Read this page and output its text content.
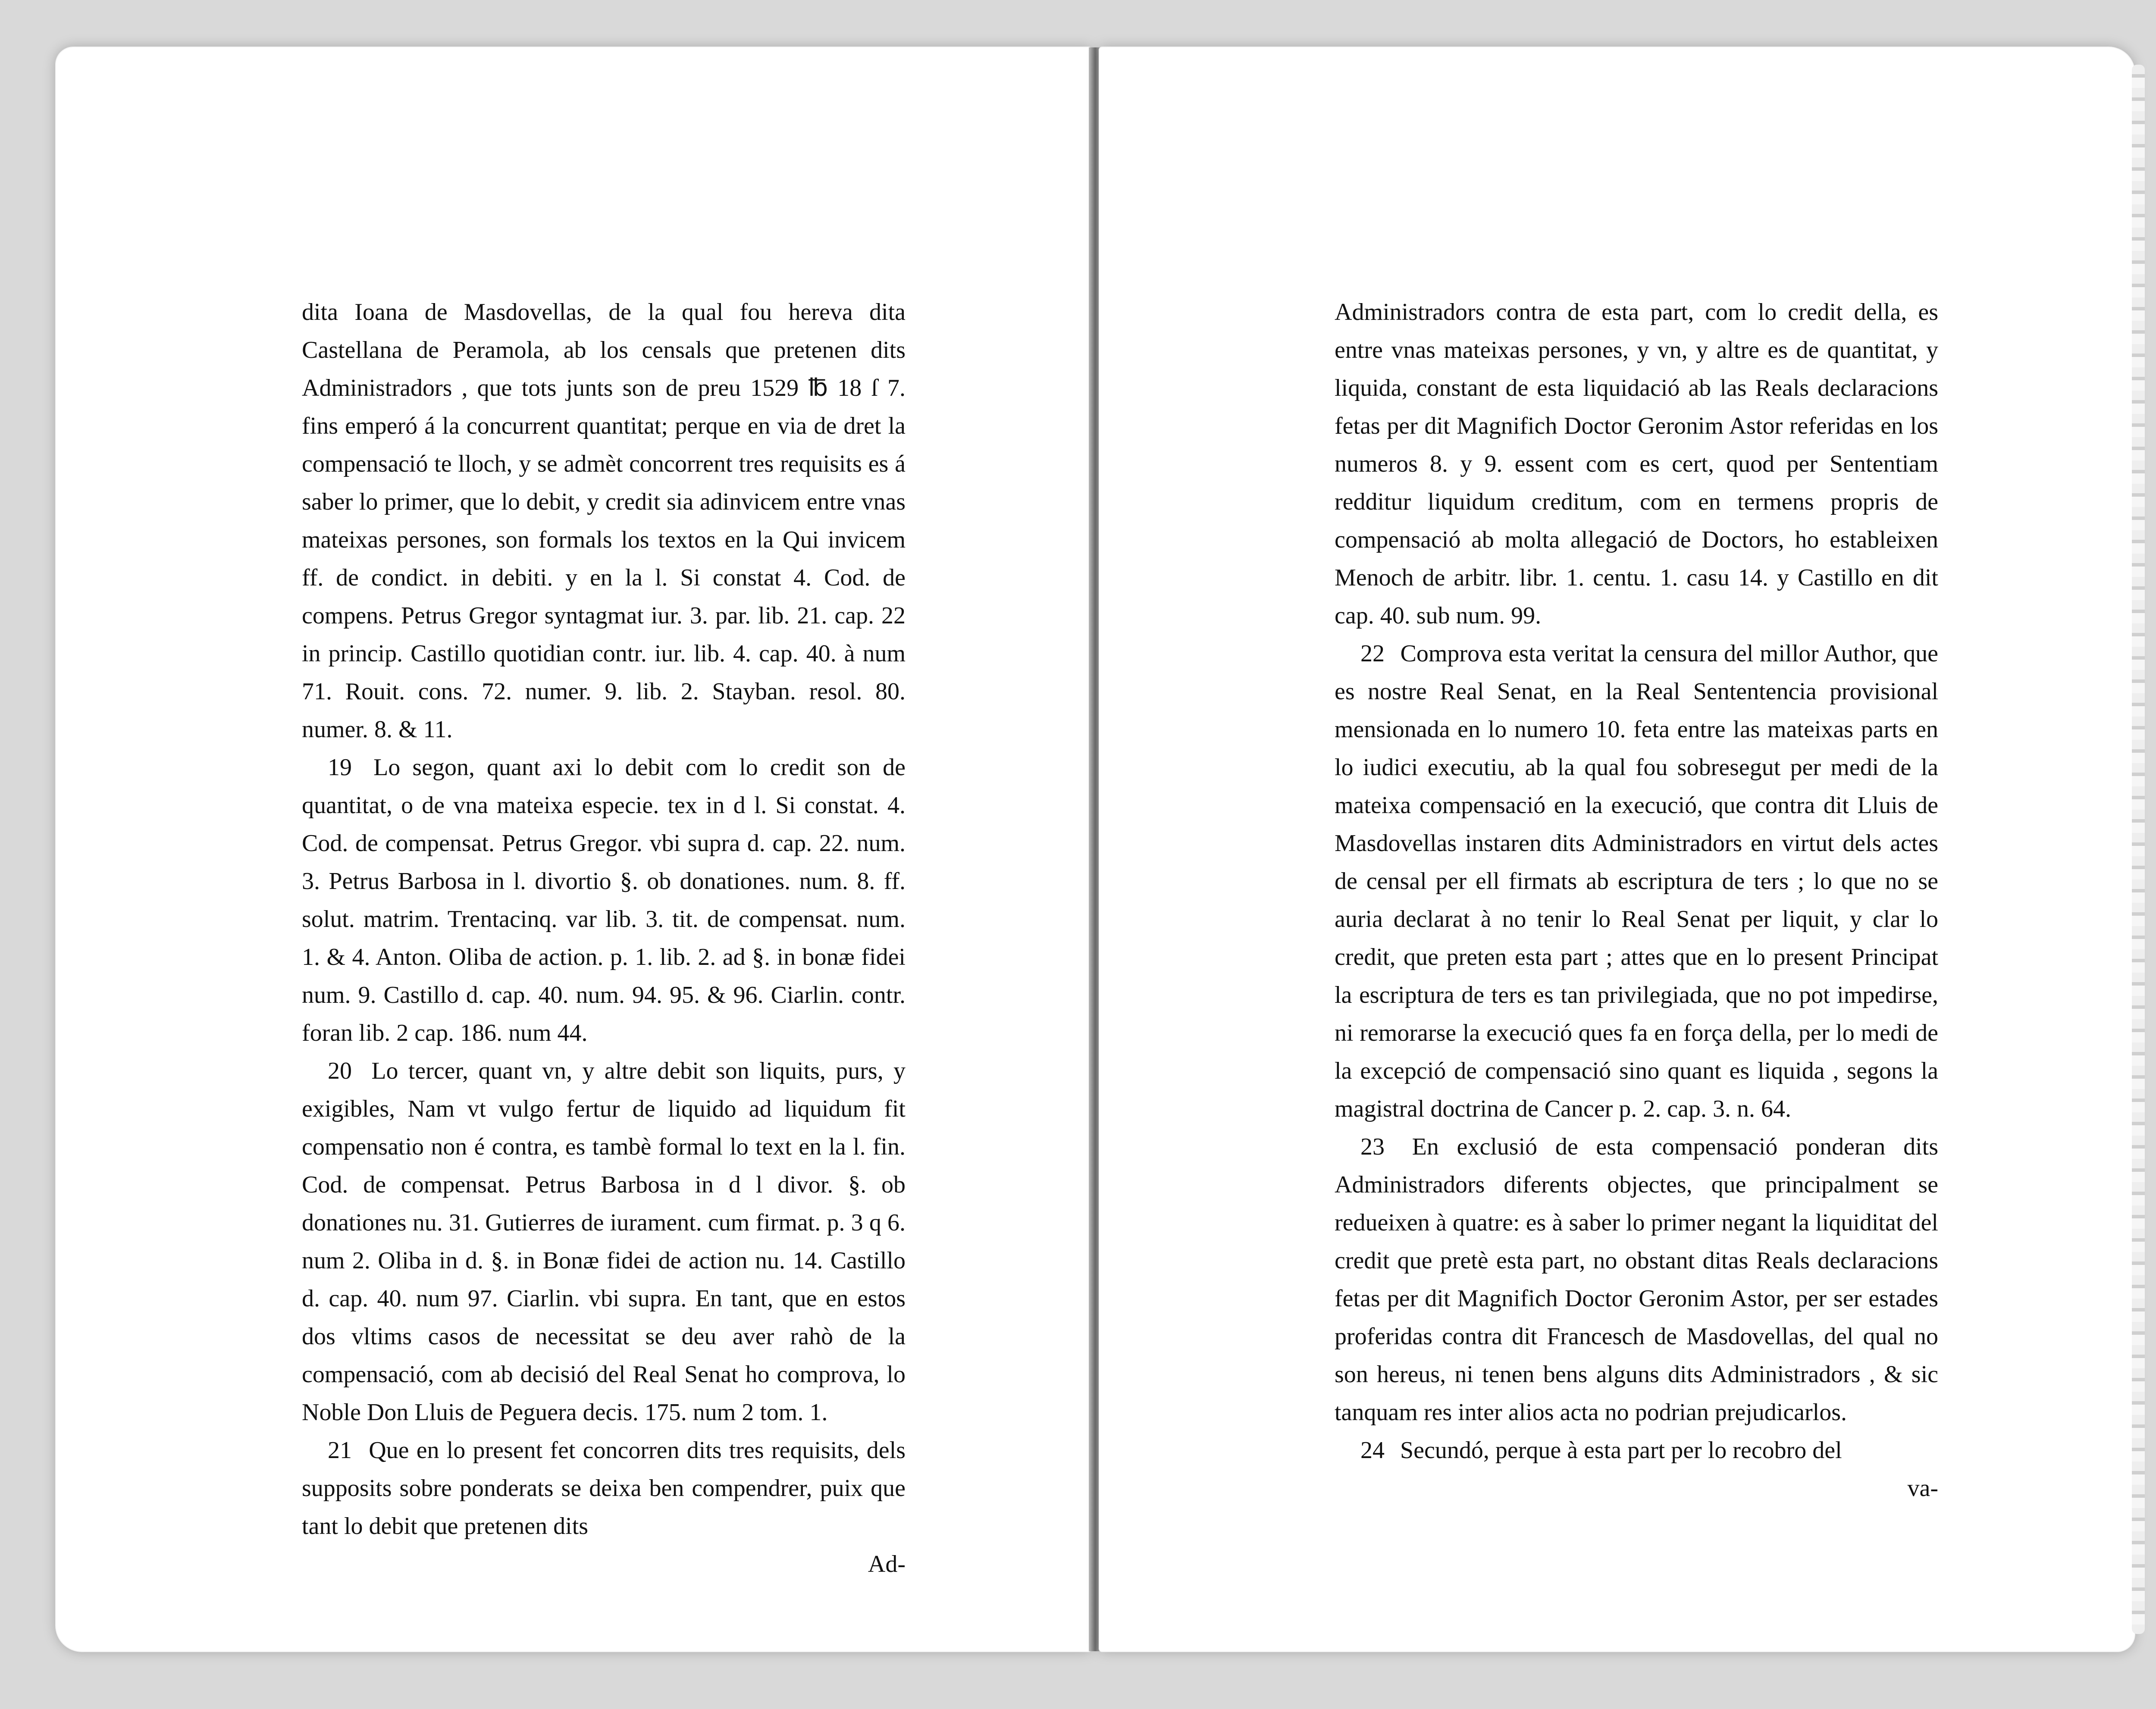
dita Ioana de Masdovellas, de la qual fou hereva dita Castellana de Peramola, ab los censals que pretenen dits Administradors , que tots junts son de preu 1529 ℔ 18 ſ 7. fins emperó á la concurrent quantitat; perque en via de dret la compensació te lloch, y se admèt concorrent tres requisits es á saber lo primer, que lo debit, y credit sia adinvicem entre vnas mateixas persones, son formals los textos en la Qui invicem ff. de condict. in debiti. y en la l. Si constat 4. Cod. de compens. Petrus Gregor syntagmat iur. 3. par. lib. 21. cap. 22 in princip. Castillo quotidian contr. iur. lib. 4. cap. 40. à num 71. Rouit. cons. 72. numer. 9. lib. 2. Stayban. resol. 80. numer. 8. & 11.

19 Lo segon, quant axi lo debit com lo credit son de quantitat, o de vna mateixa especie. tex in d l. Si constat. 4. Cod. de compensat. Petrus Gregor. vbi supra d. cap. 22. num. 3. Petrus Barbosa in l. divortio §. ob donationes. num. 8. ff. solut. matrim. Trentacinq. var lib. 3. tit. de compensat. num. 1. & 4. Anton. Oliba de action. p. 1. lib. 2. ad §. in bonæ fidei num. 9. Castillo d. cap. 40. num. 94. 95. & 96. Ciarlin. contr. foran lib. 2 cap. 186. num 44.

20 Lo tercer, quant vn, y altre debit son liquits, purs, y exigibles, Nam vt vulgo fertur de liquido ad liquidum fit compensatio non é contra, es tambè formal lo text en la l. fin. Cod. de compensat. Petrus Barbosa in d l divor. §. ob donationes nu. 31. Gutierres de iurament. cum firmat. p. 3 q 6. num 2. Oliba in d. §. in Bonæ fidei de action nu. 14. Castillo d. cap. 40. num 97. Ciarlin. vbi supra. En tant, que en estos dos vltims casos de necessitat se deu aver rahò de la compensació, com ab decisió del Real Senat ho comprova, lo Noble Don Lluis de Peguera decis. 175. num 2 tom. 1.

21 Que en lo present fet concorren dits tres requisits, dels supposits sobre ponderats se deixa ben compendrer, puix que tant lo debit que pretenen dits

Ad-

Administradors contra de esta part, com lo credit della, es entre vnas mateixas persones, y vn, y altre es de quantitat, y liquida, constant de esta liquidació ab las Reals declaracions fetas per dit Magnifich Doctor Geronim Astor referidas en los numeros 8. y 9. essent com es cert, quod per Sententiam redditur liquidum creditum, com en termens propris de compensació ab molta allegació de Doctors, ho estableixen Menoch de arbitr. libr. 1. centu. 1. casu 14. y Castillo en dit cap. 40. sub num. 99.

22 Comprova esta veritat la censura del millor Author, que es nostre Real Senat, en la Real Sententencia provisional mensionada en lo numero 10. feta entre las mateixas parts en lo iudici executiu, ab la qual fou sobresegut per medi de la mateixa compensació en la execució, que contra dit Lluis de Masdovellas instaren dits Administradors en virtut dels actes de censal per ell firmats ab escriptura de ters ; lo que no se auria declarat à no tenir lo Real Senat per liquit, y clar lo credit, que preten esta part ; attes que en lo present Principat la escriptura de ters es tan privilegiada, que no pot impedirse, ni remorarse la execució ques fa en força della, per lo medi de la excepció de compensació sino quant es liquida , segons la magistral doctrina de Cancer p. 2. cap. 3. n. 64.

23 En exclusió de esta compensació ponderan dits Administradors diferents objectes, que principalment se redueixen à quatre: es à saber lo primer negant la liquiditat del credit que pretè esta part, no obstant ditas Reals declaracions fetas per dit Magnifich Doctor Geronim Astor, per ser estades proferidas contra dit Francesch de Masdovellas, del qual no son hereus, ni tenen bens alguns dits Administradors , & sic tanquam res inter alios acta no podrian prejudicarlos.

24 Secundó, perque à esta part per lo recobro del

va-
